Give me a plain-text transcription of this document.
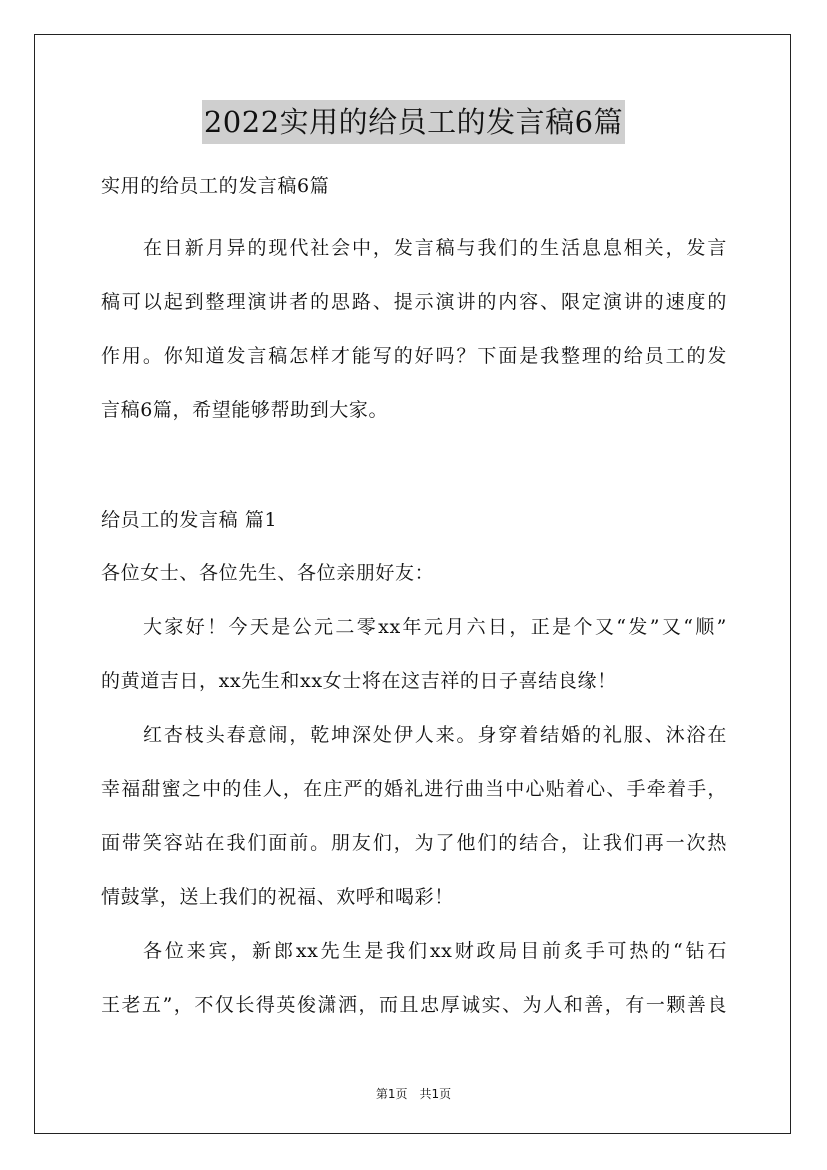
2022实用的给员工的发言稿6篇
实用的给员工的发言稿6篇
在日新月异的现代社会中，发言稿与我们的生活息息相关，发言
稿可以起到整理演讲者的思路、提示演讲的内容、限定演讲的速度的
作用。你知道发言稿怎样才能写的好吗？下面是我整理的给员工的发
言稿6篇，希望能够帮助到大家。
给员工的发言稿 篇1
各位女士、各位先生、各位亲朋好友：
大家好！今天是公元二零xx年元月六日，正是个又“发”又“顺”
的黄道吉日，xx先生和xx女士将在这吉祥的日子喜结良缘！
红杏枝头春意闹，乾坤深处伊人来。身穿着结婚的礼服、沐浴在
幸福甜蜜之中的佳人，在庄严的婚礼进行曲当中心贴着心、手牵着手，
面带笑容站在我们面前。朋友们，为了他们的结合，让我们再一次热
情鼓掌，送上我们的祝福、欢呼和喝彩！
各位来宾，新郎xx先生是我们xx财政局目前炙手可热的“钻石
王老五”，不仅长得英俊潇洒，而且忠厚诚实、为人和善，有一颗善良
第1页　共1页
